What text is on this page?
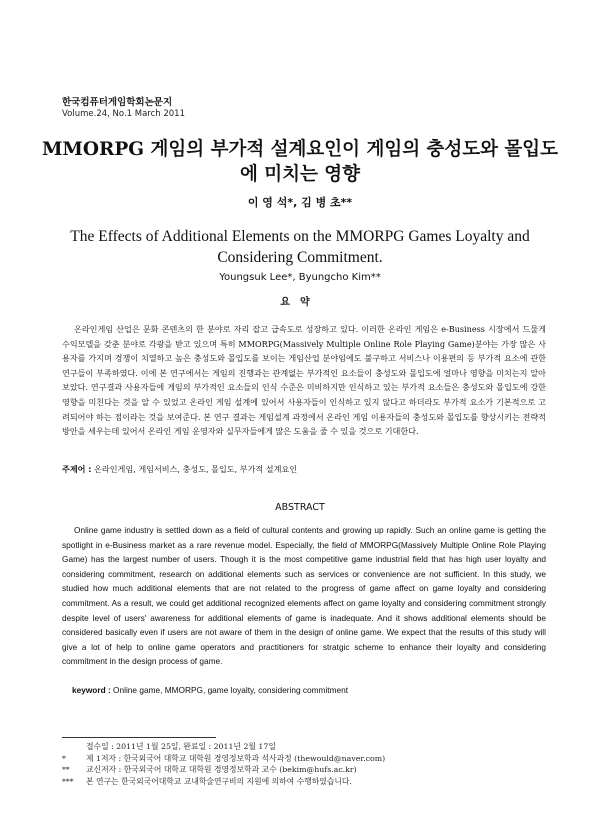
한국컴퓨터게임학회논문지
Volume.24, No.1 March 2011
MMORPG 게임의 부가적 설계요인이 게임의 충성도와 몰입도에 미치는 영향
이 영 석*, 김 병 초**
The Effects of Additional Elements on the MMORPG Games Loyalty and Considering Commitment.
Youngsuk Lee*, Byungcho Kim**
요약
온라인게임 산업은 문화 콘텐츠의 한 분야로 자리 잡고 급속도로 성장하고 있다. 이러한 온라인 게임은 e-Business 시장에서 드물게 수익모델을 갖춘 분야로 각광을 받고 있으며 특히 MMORPG(Massively Multiple Online Role Playing Game)분야는 가장 많은 사용자를 가지며 경쟁이 치열하고 높은 충성도와 몰입도를 보이는 게임산업 분야임에도 불구하고 서비스나 이용편의 등 부가적 요소에 관한 연구들이 부족하였다. 이에 본 연구에서는 게임의 진행과는 관계없는 부가적인 요소들이 충성도와 몰입도에 얼마나 영향을 미치는지 알아보았다. 연구결과 사용자들에 게임의 부가적인 요소들의 인식 수준은 미비하지만 인식하고 있는 부가적 요소들은 충성도와 몰입도에 강한 영향을 미친다는 것을 알 수 있었고 온라인 게임 설계에 있어서 사용자들이 인식하고 있지 않다고 하더라도 부가적 요소가 기본적으로 고려되어야 하는 점이라는 것을 보여준다. 본 연구 결과는 게임설계 과정에서 온라인 게임 이용자들의 충성도와 몰입도를 향상시키는 전략적 방안을 세우는데 있어서 온라인 게임 운영자와 실무자들에게 많은 도움을 줄 수 있을 것으로 기대한다.
주제어 : 온라인게임, 게임서비스, 충성도, 몰입도, 부가적 설계요인
ABSTRACT
Online game industry is settled down as a field of cultural contents and growing up rapidly. Such an online game is getting the spotlight in e-Business market as a rare revenue model. Especially, the field of MMORPG(Massively Multiple Online Role Playing Game) has the largest number of users. Though it is the most competitive game industrial field that has high user loyalty and considering commitment, research on additional elements such as services or convenience are not sufficient. In this study, we studied how much additional elements that are not related to the progress of game affect on game loyalty and considering commitment. As a result, we could get additional recognized elements affect on game loyalty and considering commitment strongly despite level of users' awareness for additional elements of game is inadequate. And it shows additional elements should be considered basically even if users are not aware of them in the design of online game. We expect that the results of this study will give a lot of help to online game operators and practitioners for stratgic scheme to enhance their loyalty and considering commitment in the design process of game.
keyword : Online game, MMORPG, game loyalty, considering commitment
접수일 : 2011년 1월 25일, 완료일 : 2011년 2월 17일
*	제 1저자 : 한국외국어 대학교 대학원 경영정보학과 석사과정 (thewould@naver.com)
**	교신저자 : 한국외국어 대학교 대학원 경영정보학과 교수 (bekim@hufs.ac.kr)
***	본 연구는 한국외국어대학교 교내학술연구비의 지원에 의하여 수행하였습니다.
